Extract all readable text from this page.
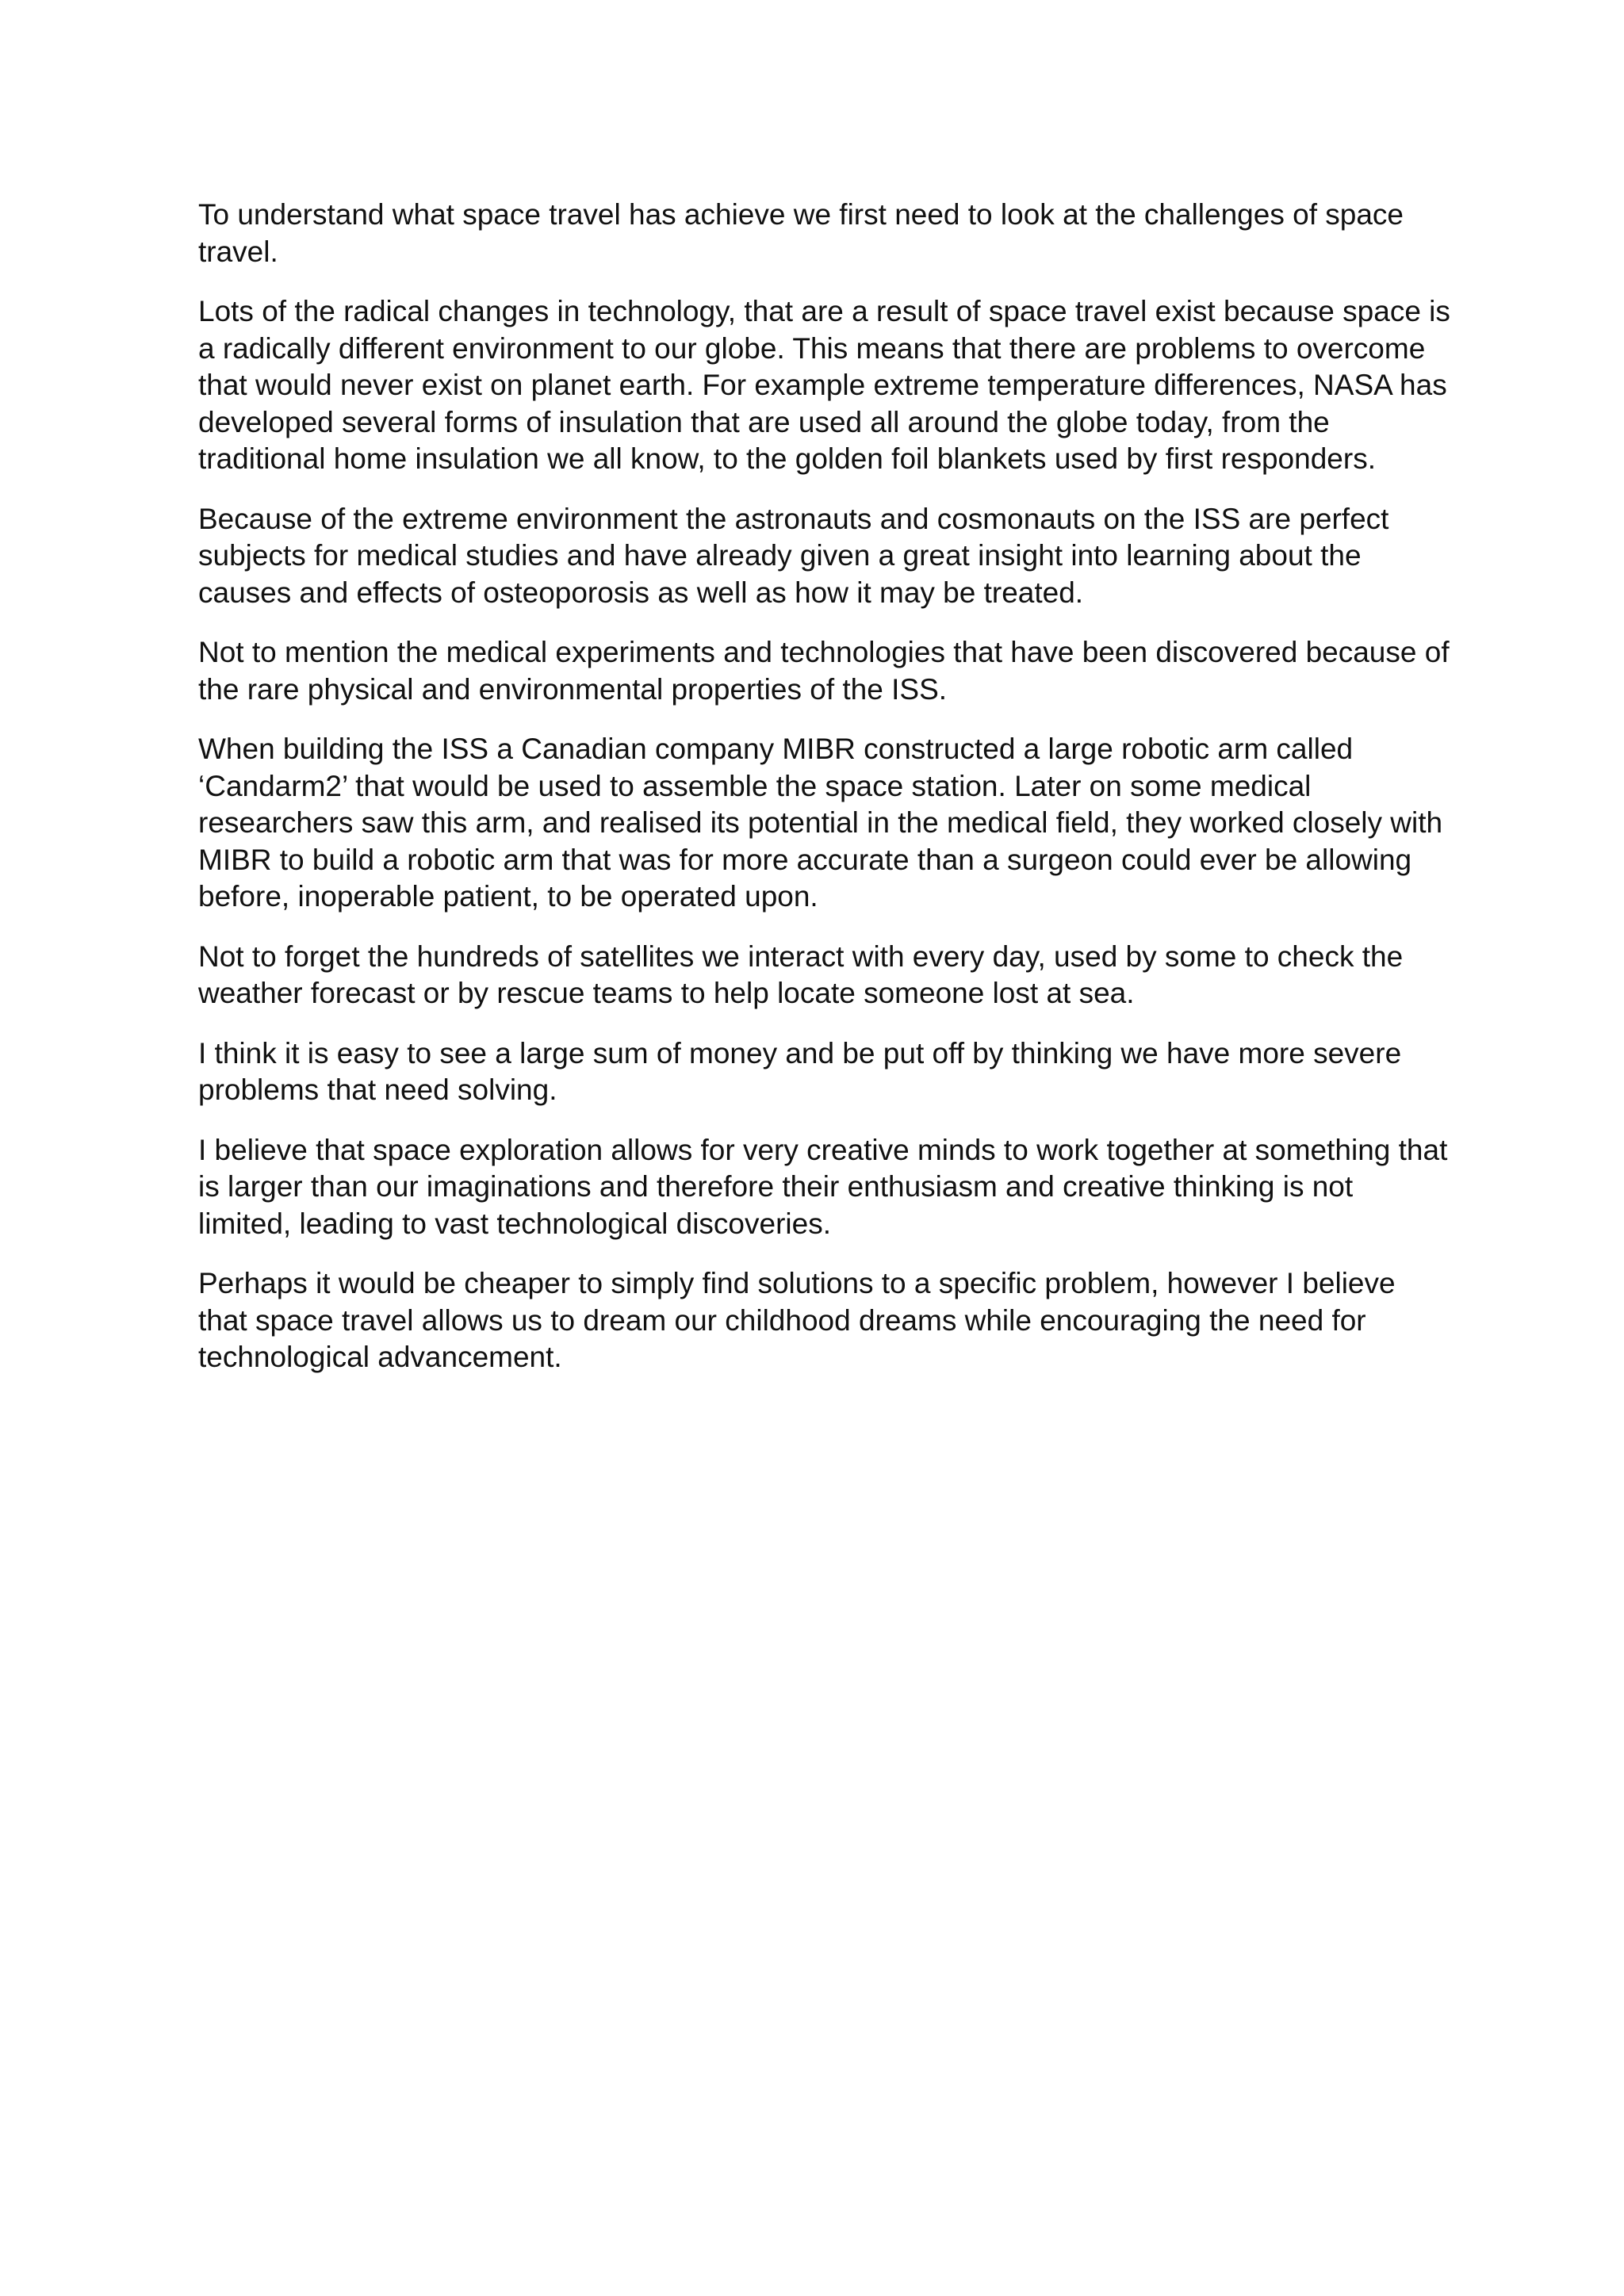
To understand what space travel has achieve we first need to look at the challenges of space travel.

Lots of the radical changes in technology, that are a result of space travel exist because space is a radically different environment to our globe. This means that there are problems to overcome that would never exist on planet earth. For example extreme temperature differences, NASA has developed several forms of insulation that are used all around the globe today, from the traditional home insulation we all know, to the golden foil blankets used by first responders.

Because of the extreme environment the astronauts and cosmonauts on the ISS are perfect subjects for medical studies and have already given a great insight into learning about the causes and effects of osteoporosis as well as how it may be treated.

Not to mention the medical experiments and technologies that have been discovered because of the rare physical and environmental properties of the ISS.

When building the ISS a Canadian company MIBR constructed a large robotic arm called ‘Candarm2’ that would be used to assemble the space station. Later on some medical researchers saw this arm, and realised its potential in the medical field, they worked closely with MIBR to build a robotic arm that was for more accurate than a surgeon could ever be allowing before, inoperable patient, to be operated upon.

Not to forget the hundreds of satellites we interact with every day, used by some to check the weather forecast or by rescue teams to help locate someone lost at sea.

I think it is easy to see a large sum of money and be put off by thinking we have more severe problems that need solving.

I believe that space exploration allows for very creative minds to work together at something that is larger than our imaginations and therefore their enthusiasm and creative thinking is not limited, leading to vast technological discoveries.

Perhaps it would be cheaper to simply find solutions to a specific problem, however I believe that space travel allows us to dream our childhood dreams while encouraging the need for technological advancement.
